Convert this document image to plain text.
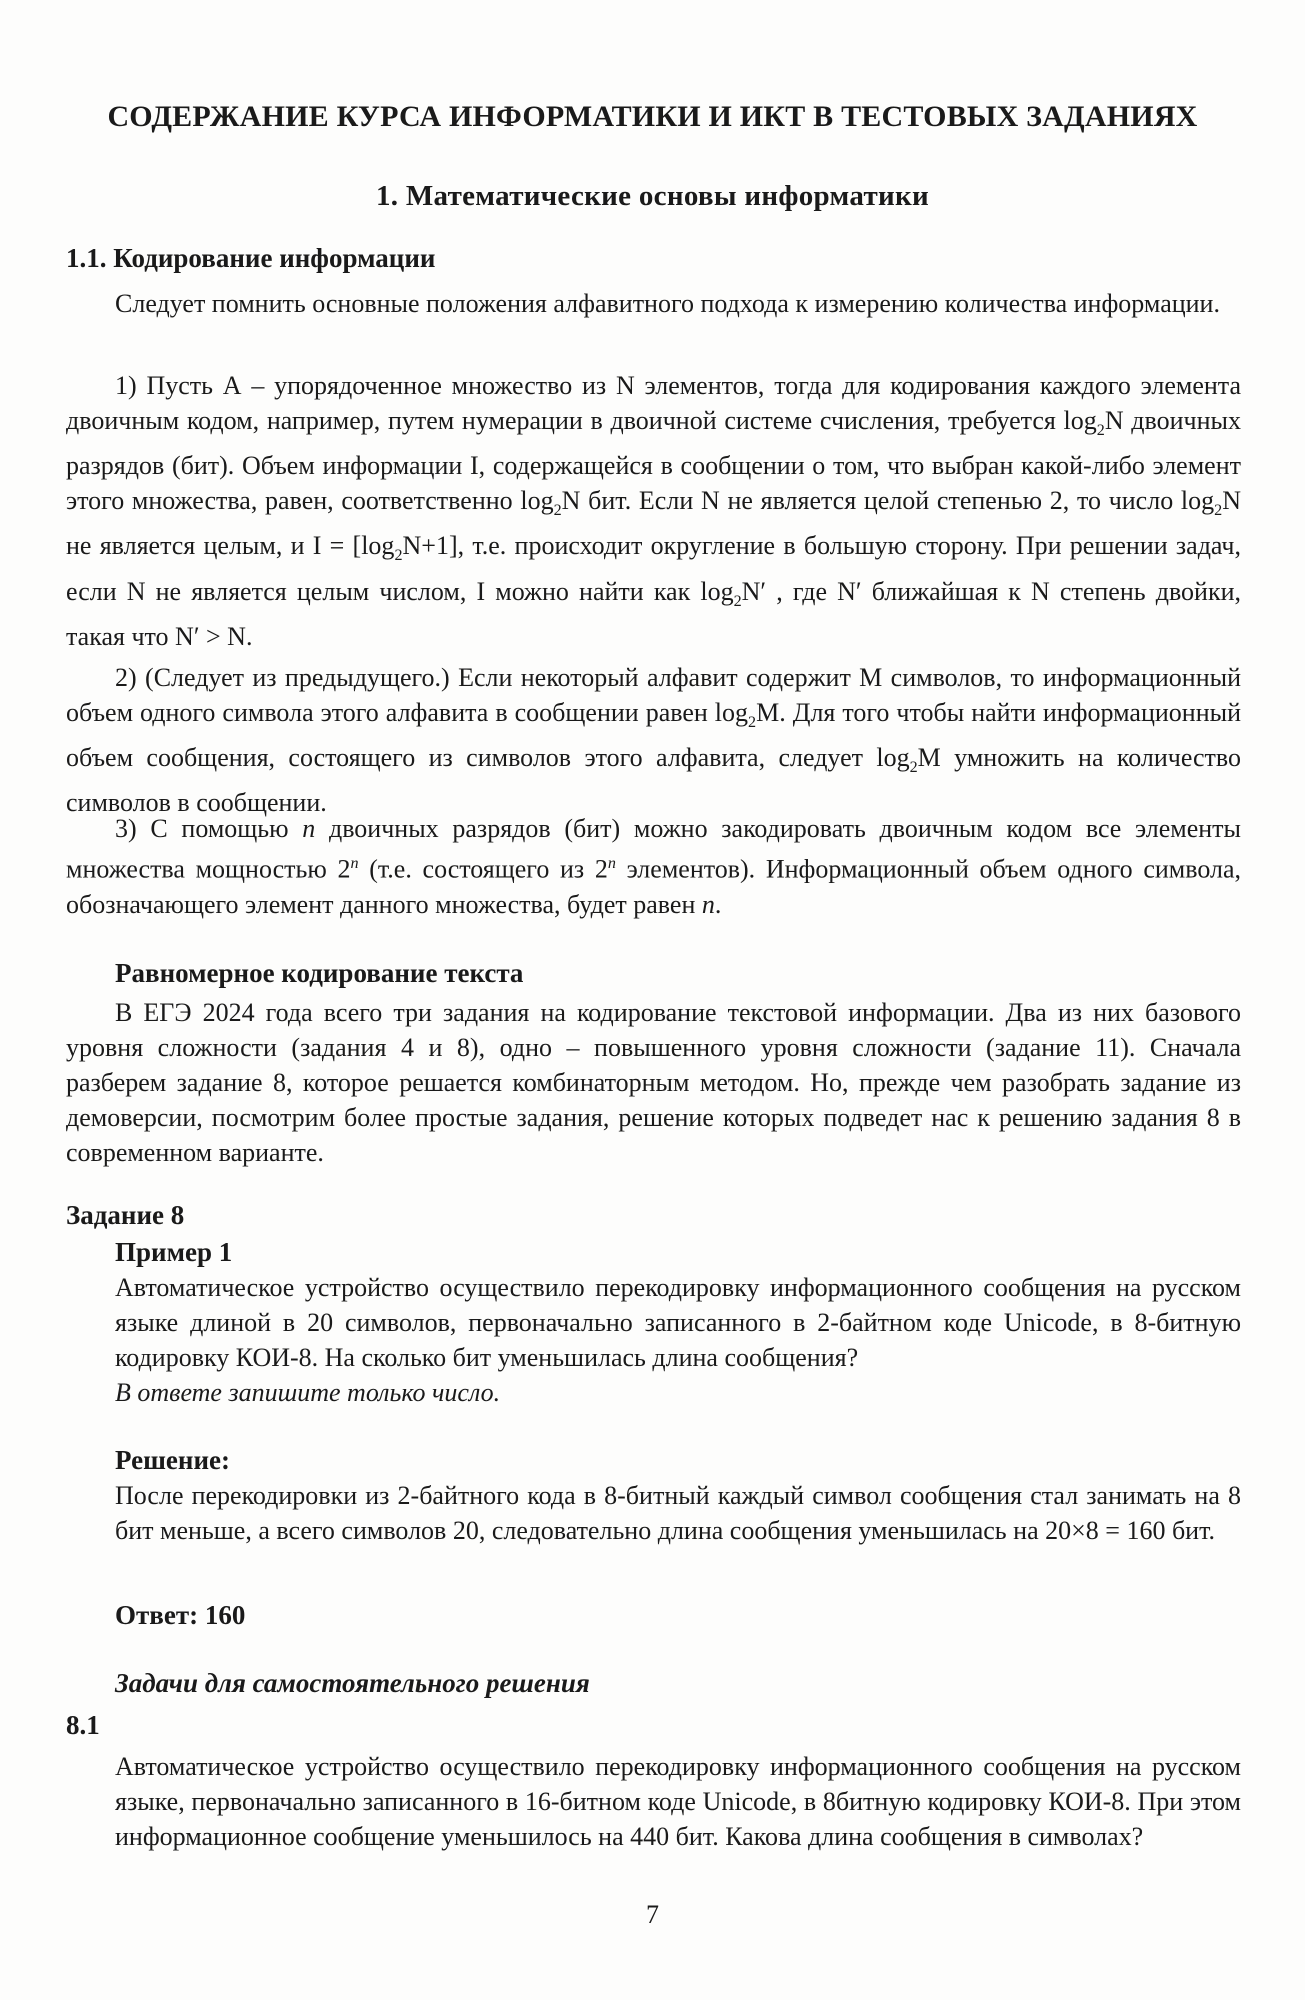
СОДЕРЖАНИЕ КУРСА ИНФОРМАТИКИ И ИКТ В ТЕСТОВЫХ ЗАДАНИЯХ
1. Математические основы информатики
1.1. Кодирование информации

Следует помнить основные положения алфавитного подхода к измерению количества информации.

1) Пусть А – упорядоченное множество из N элементов, тогда для кодирования каждого элемента двоичным кодом, например, путем нумерации в двоичной системе счисления, требуется $\log_2N$ двоичных разрядов (бит). Объем информации I, содержащейся в сообщении о том, что выбран какой-либо элемент этого множества, равен, соответственно $\log_2N$ бит. Если N не является целой степенью 2, то число $\log_2N$ не является целым, и $I = [\log_2N+1]$, т.е. происходит округление в большую сторону. При решении задач, если N не является целым числом, I можно найти как $\log_2N'$ , где N′ ближайшая к N степень двойки, такая что N′ > N.

2) (Следует из предыдущего.) Если некоторый алфавит содержит M символов, то информационный объем одного символа этого алфавита в сообщении равен $\log_2M$. Для того чтобы найти информационный объем сообщения, состоящего из символов этого алфавита, следует $\log_2M$ умножить на количество символов в сообщении.

3) С помощью n двоичных разрядов (бит) можно закодировать двоичным кодом все элементы множества мощностью 2$^n$ (т.е. состоящего из 2$^n$ элементов). Информационный объем одного символа, обозначающего элемент данного множества, будет равен n.

Равномерное кодирование текста

В ЕГЭ 2024 года всего три задания на кодирование текстовой информации. Два из них базового уровня сложности (задания 4 и 8), одно – повышенного уровня сложности (задание 11). Сначала разберем задание 8, которое решается комбинаторным методом. Но, прежде чем разобрать задание из демоверсии, посмотрим более простые задания, решение которых подведет нас к решению задания 8 в современном варианте.

Задание 8
Пример 1

Автоматическое устройство осуществило перекодировку информационного сообщения на русском языке длиной в 20 символов, первоначально записанного в 2-байтном коде Unicode, в 8-битную кодировку КОИ-8. На сколько бит уменьшилась длина сообщения?

В ответе запишите только число.

Решение:

После перекодировки из 2-байтного кода в 8-битный каждый символ сообщения стал занимать на 8 бит меньше, а всего символов 20, следовательно длина сообщения уменьшилась на 20×8 = 160 бит.

Ответ: 160
Задачи для самостоятельного решения
8.1

Автоматическое устройство осуществило перекодировку информационного сообщения на русском языке, первоначально записанного в 16-битном коде Unicode, в 8битную кодировку КОИ-8. При этом информационное сообщение уменьшилось на 440 бит. Какова длина сообщения в символах?

7
